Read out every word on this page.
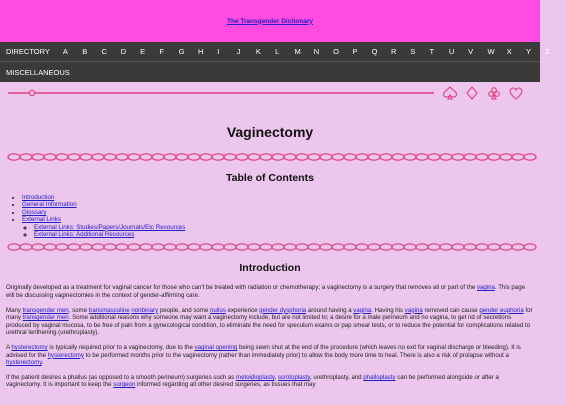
The Transgender Dictionary
DIRECTORY A	B	C	D	E	F	G	H	I	J	K	L	M	N	O	P	Q	R	S	T	U	V	W	X	Y	Z
MISCELLANEOUS
Vaginectomy
Table of Contents
• Introduction
• General Information
• Glossary
• External Links
◦ External Links: Studies/Papers/Journals/Etc Resources
◦ External Links: Additional Resources
Introduction

Originally developed as a treatment for vaginal cancer for those who can't be treated with radiation or chemotherapy; a vaginectomy is a surgery that removes all or part of the vagina. This page will be discussing vaginectomies in the context of gender-affirming care.

Many transgender men, some transmasculine nonbinary people, and some nullos experience gender dysphoria around having a vagina. Having his vagina removed can cause gender euphoria for many transgender men. Some additional reasons why someone may want a vaginectomy include, but are not limited to; a desire for a male perineum and no vagina, to get rid of secretions produced by vaginal mucosa, to be free of pain from a gynecological condition, to eliminate the need for speculum exams or pap smear tests, or to reduce the potential for complications related to urethral lenthening (urethroplasty).

A hysterectomy is typically required prior to a vaginectomy, due to the vaginal opening being sewn shut at the end of the procedure (which leaves no exit for vaginal discharge or bleeding). It is advised for the hysterectomy to be performed months prior to the vaginectomy (rather than immediately prior) to allow the body more time to heal. There is also a risk of prolapse without a hysterectomy.

If the patient desires a phallus (as opposed to a smooth perineum) surgeries such as metoidioplasty, scrotoplasty, urethroplasty, and phalloplasty can be performed alongside or after a vaginectomy. It is important to keep the surgeon informed regarding all other desired surgeries, as tissues that may
